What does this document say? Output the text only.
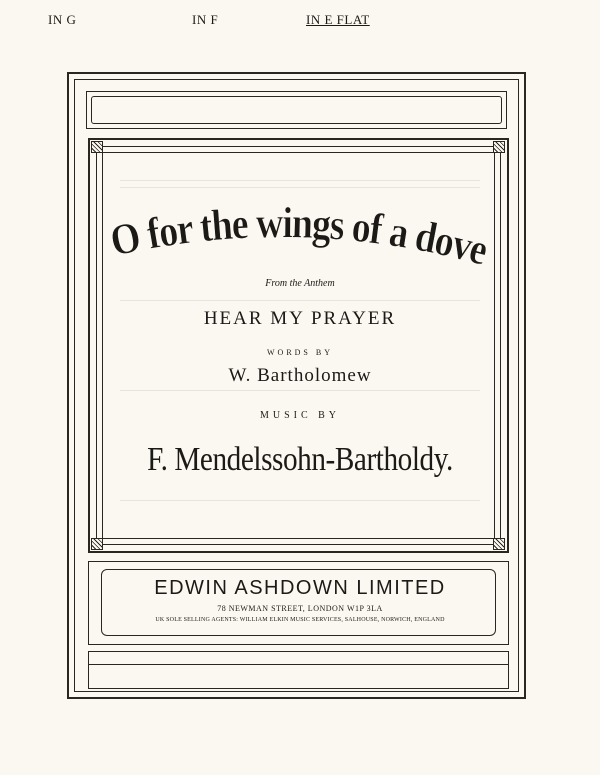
IN G	IN F	IN E FLAT
O for the wings of a dove
From the Anthem
HEAR MY PRAYER
WORDS BY
W. Bartholomew
MUSIC BY
F. Mendelssohn-Bartholdy.
EDWIN ASHDOWN LIMITED
78 NEWMAN STREET, LONDON W1P 3LA
UK SOLE SELLING AGENTS: WILLIAM ELKIN MUSIC SERVICES, SALHOUSE, NORWICH, ENGLAND
